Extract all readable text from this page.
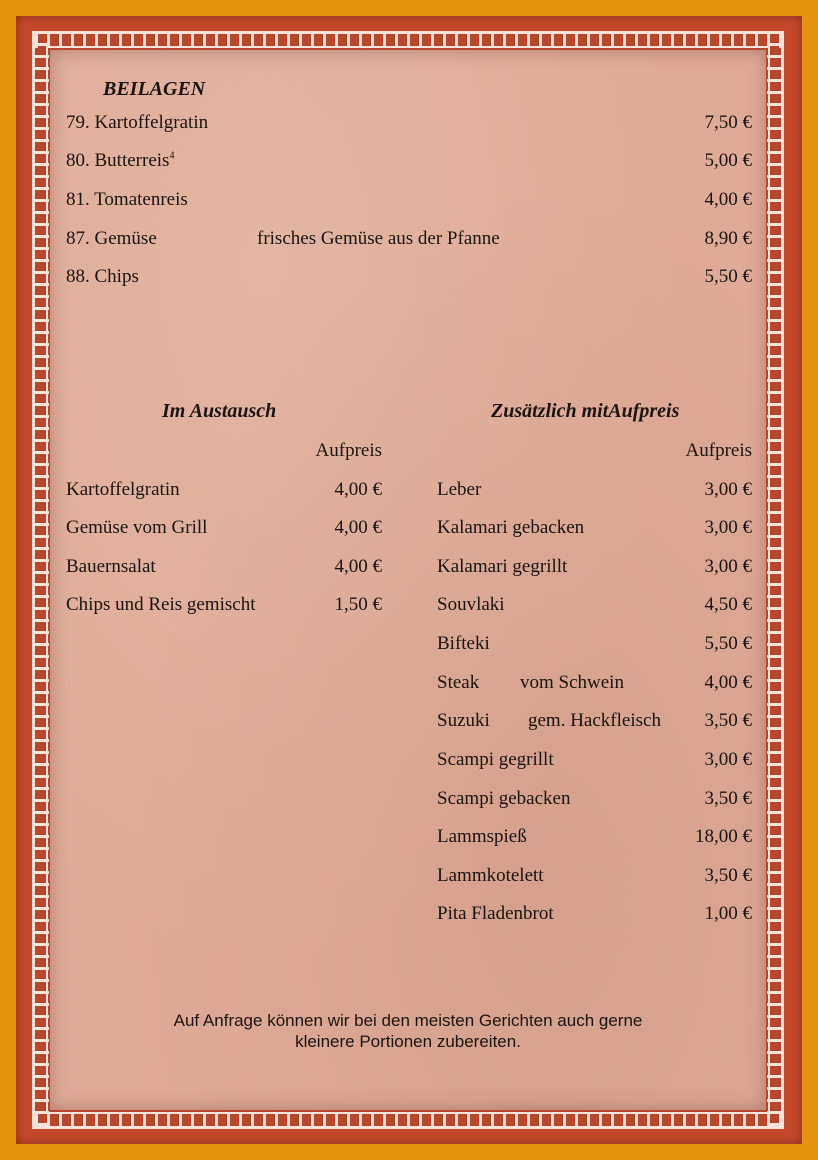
BEILAGEN
79. Kartoffelgratin	7,50 €
80. Butterreis$^4$	5,00 €
81. Tomatenreis	4,00 €
87. Gemüse	frisches Gemüse aus der Pfanne	8,90 €
88. Chips	5,50 €
Im Austausch
Aufpreis
Kartoffelgratin	4,00 €
Gemüse vom Grill	4,00 €
Bauernsalat	4,00 €
Chips und Reis gemischt	1,50 €
Zusätzlich mitAufpreis
Aufpreis
Leber	3,00 €
Kalamari gebacken	3,00 €
Kalamari gegrillt	3,00 €
Souvlaki	4,50 €
Bifteki	5,50 €
Steak vom Schwein	4,00 €
Suzuki gem. Hackfleisch 3,50 €
Scampi gegrillt	3,00 €
Scampi gebacken	3,50 €
Lammspieß	18,00 €
Lammkotelett	3,50 €
Pita Fladenbrot	1,00 €
Auf Anfrage können wir bei den meisten Gerichten auch gerne
kleinere Portionen zubereiten.
